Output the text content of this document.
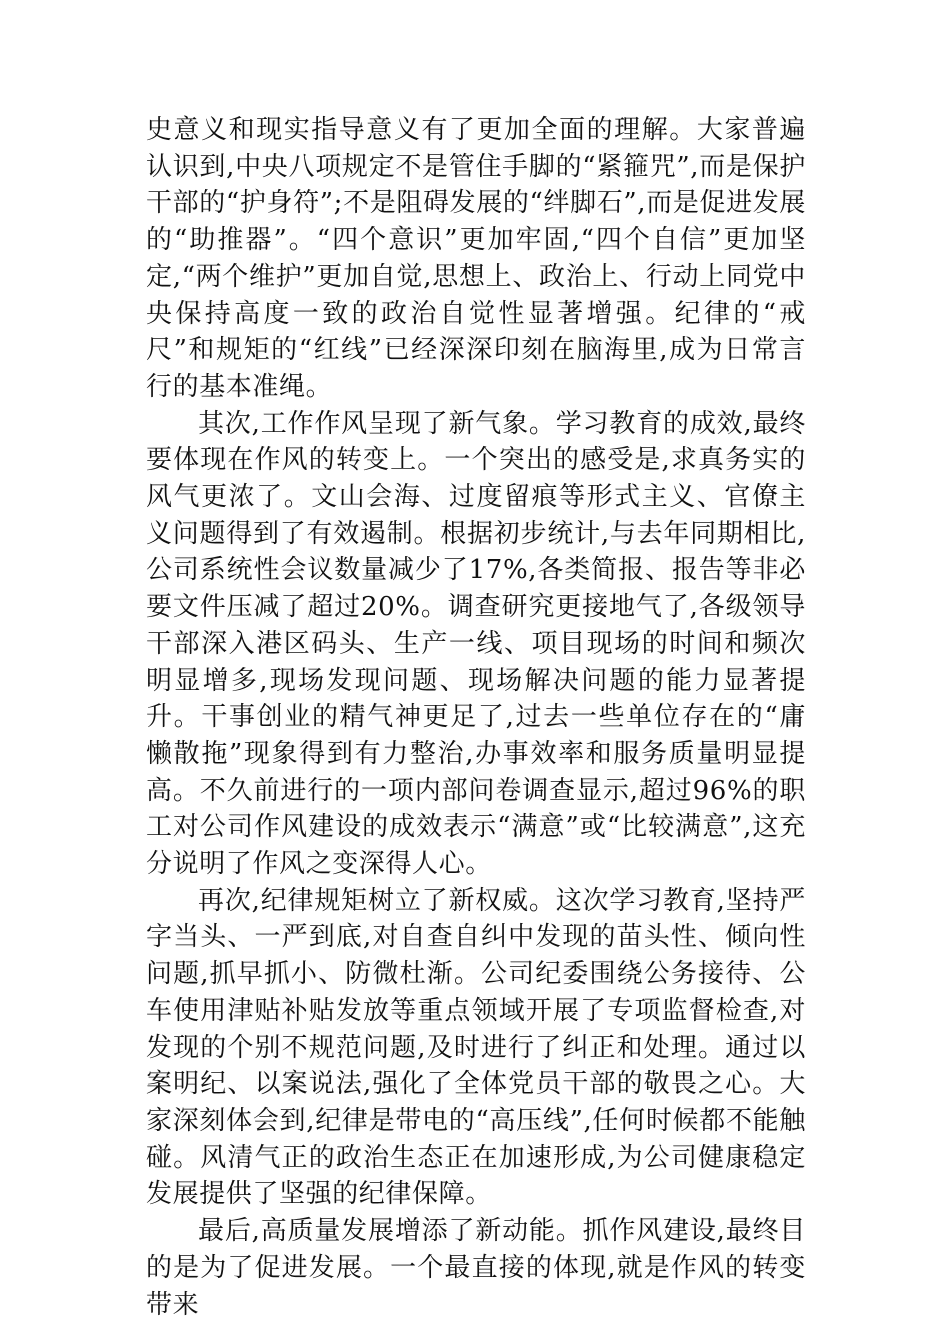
史意义和现实指导意义有了更加全面的理解。大家普遍认识到,中央八项规定不是管住手脚的“紧箍咒”,而是保护干部的“护身符”;不是阻碍发展的“绊脚石”,而是促进发展的“助推器”。“四个意识”更加牢固,“四个自信”更加坚定,“两个维护”更加自觉,思想上、政治上、行动上同党中央保持高度一致的政治自觉性显著增强。纪律的“戒尺”和规矩的“红线”已经深深印刻在脑海里,成为日常言行的基本准绳。

其次,工作作风呈现了新气象。学习教育的成效,最终要体现在作风的转变上。一个突出的感受是,求真务实的风气更浓了。文山会海、过度留痕等形式主义、官僚主义问题得到了有效遏制。根据初步统计,与去年同期相比,公司系统性会议数量减少了17%,各类简报、报告等非必要文件压减了超过20%。调查研究更接地气了,各级领导干部深入港区码头、生产一线、项目现场的时间和频次明显增多,现场发现问题、现场解决问题的能力显著提升。干事创业的精气神更足了,过去一些单位存在的“庸懒散拖”现象得到有力整治,办事效率和服务质量明显提高。不久前进行的一项内部问卷调查显示,超过96%的职工对公司作风建设的成效表示“满意”或“比较满意”,这充分说明了作风之变深得人心。

再次,纪律规矩树立了新权威。这次学习教育,坚持严字当头、一严到底,对自查自纠中发现的苗头性、倾向性问题,抓早抓小、防微杜渐。公司纪委围绕公务接待、公车使用津贴补贴发放等重点领域开展了专项监督检查,对发现的个别不规范问题,及时进行了纠正和处理。通过以案明纪、以案说法,强化了全体党员干部的敬畏之心。大家深刻体会到,纪律是带电的“高压线”,任何时候都不能触碰。风清气正的政治生态正在加速形成,为公司健康稳定发展提供了坚强的纪律保障。

最后,高质量发展增添了新动能。抓作风建设,最终目的是为了促进发展。一个最直接的体现,就是作风的转变带来
